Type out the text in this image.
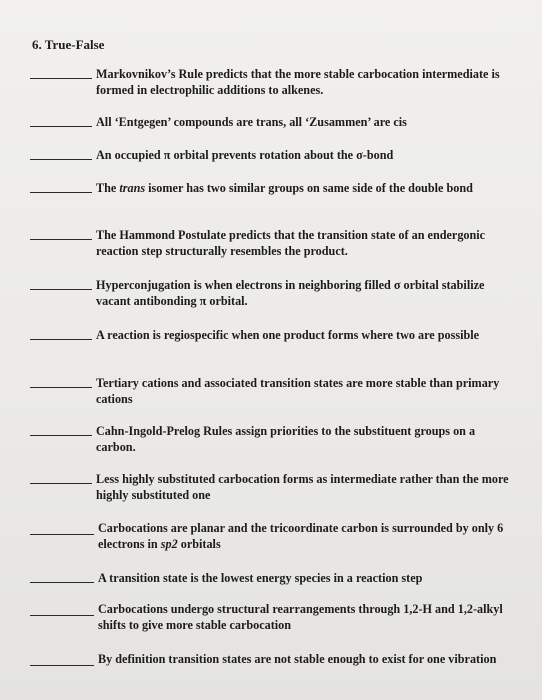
6. True-False
Markovnikov’s Rule predicts that the more stable carbocation intermediate is formed in electrophilic additions to alkenes.
All ‘Entgegen’ compounds are trans, all ‘Zusammen’ are cis
An occupied π orbital prevents rotation about the σ-bond
The trans isomer has two similar groups on same side of the double bond
The Hammond Postulate predicts that the transition state of an endergonic reaction step structurally resembles the product.
Hyperconjugation is when electrons in neighboring filled σ orbital stabilize vacant antibonding π orbital.
A reaction is regiospecific when one product forms where two are possible
Tertiary cations and associated transition states are more stable than primary cations
Cahn-Ingold-Prelog Rules assign priorities to the substituent groups on a carbon.
Less highly substituted carbocation forms as intermediate rather than the more highly substituted one
Carbocations are planar and the tricoordinate carbon is surrounded by only 6 electrons in sp2 orbitals
A transition state is the lowest energy species in a reaction step
Carbocations undergo structural rearrangements through 1,2-H and 1,2-alkyl shifts to give more stable carbocation
By definition transition states are not stable enough to exist for one vibration
